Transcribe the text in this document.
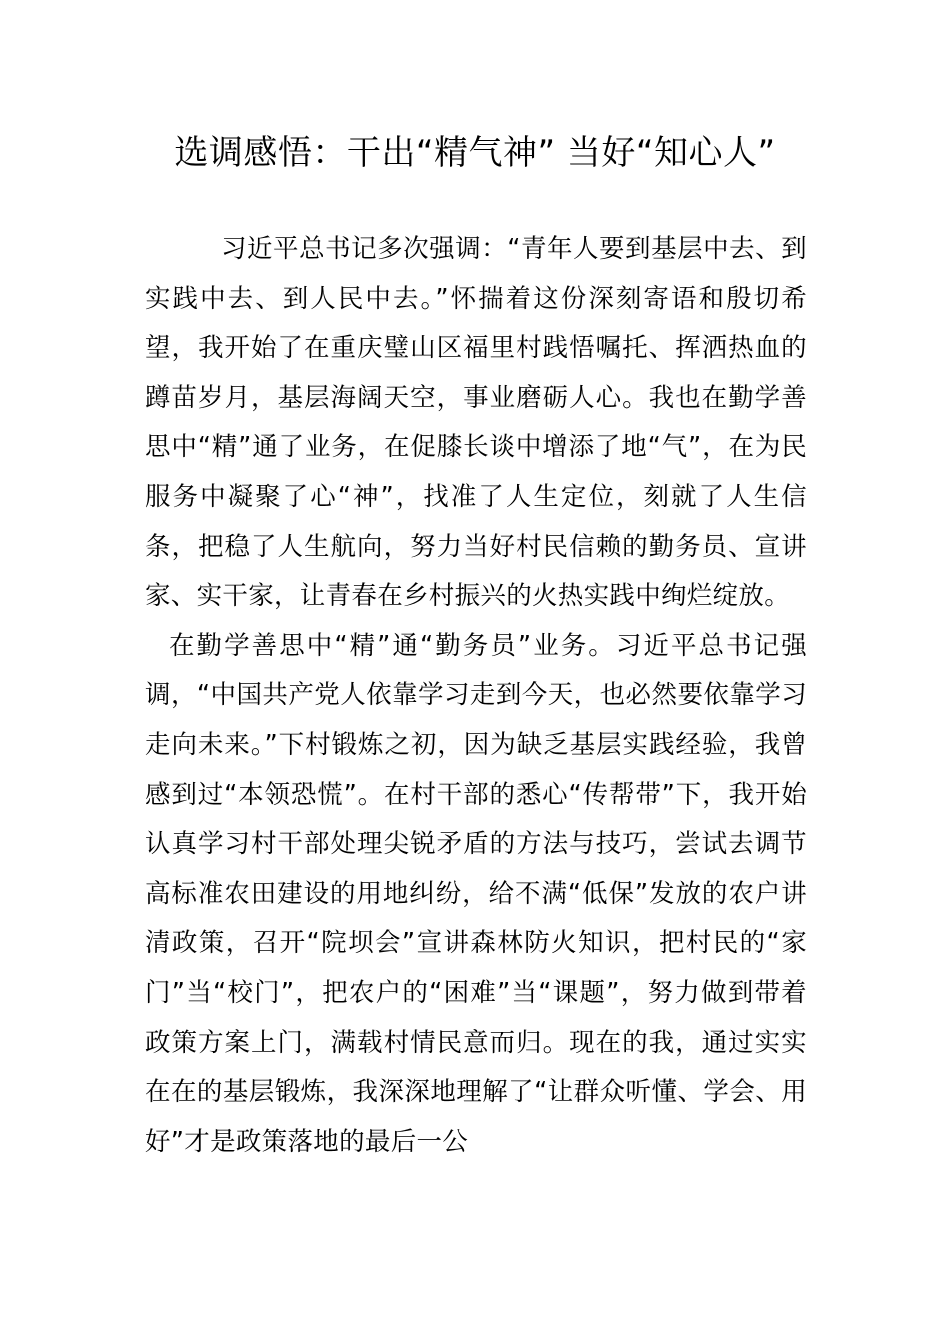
选调感悟：干出“精气神” 当好“知心人”

习近平总书记多次强调：“青年人要到基层中去、到实践中去、到人民中去。”怀揣着这份深刻寄语和殷切希望，我开始了在重庆璧山区福里村践悟嘱托、挥洒热血的蹲苗岁月，基层海阔天空，事业磨砺人心。我也在勤学善思中“精”通了业务，在促膝长谈中增添了地“气”，在为民服务中凝聚了心“神”，找准了人生定位，刻就了人生信条，把稳了人生航向，努力当好村民信赖的勤务员、宣讲家、实干家，让青春在乡村振兴的火热实践中绚烂绽放。

在勤学善思中“精”通“勤务员”业务。习近平总书记强调，“中国共产党人依靠学习走到今天，也必然要依靠学习走向未来。”下村锻炼之初，因为缺乏基层实践经验，我曾感到过“本领恐慌”。在村干部的悉心“传帮带”下，我开始认真学习村干部处理尖锐矛盾的方法与技巧，尝试去调节高标准农田建设的用地纠纷，给不满“低保”发放的农户讲清政策，召开“院坝会”宣讲森林防火知识，把村民的“家门”当“校门”，把农户的“困难”当“课题”，努力做到带着政策方案上门，满载村情民意而归。现在的我，通过实实在在的基层锻炼，我深深地理解了“让群众听懂、学会、用好”才是政策落地的最后一公
